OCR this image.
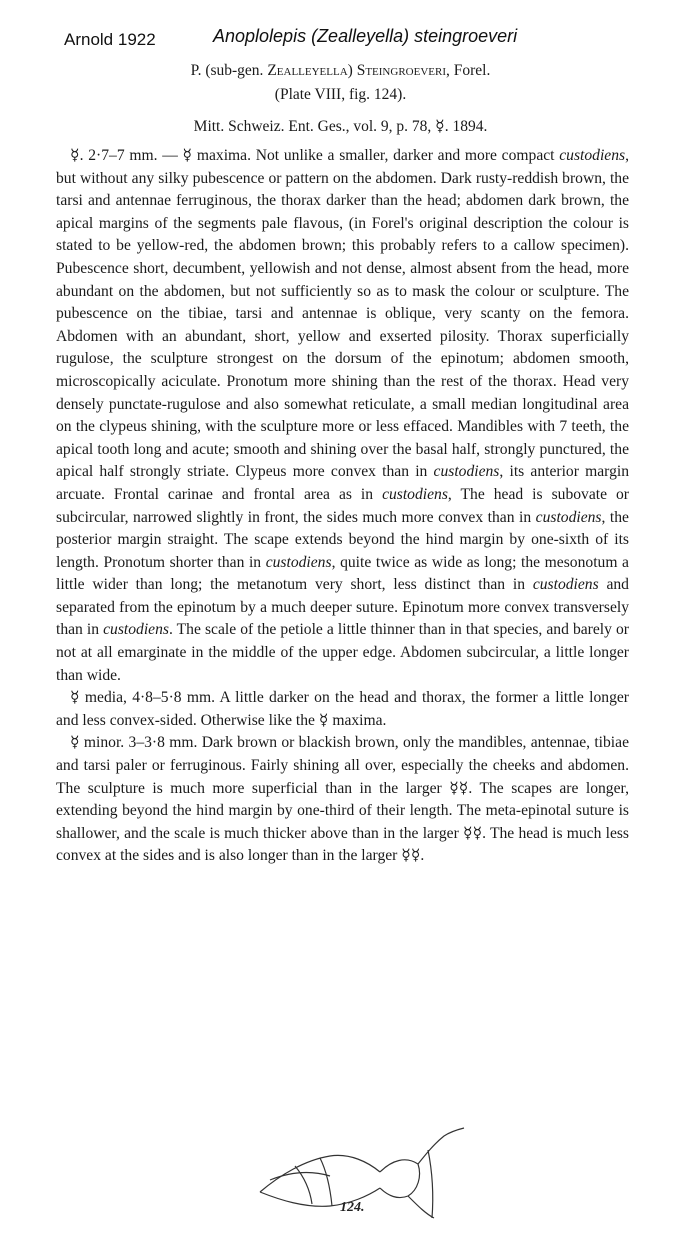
Arnold 1922	Anoplolepis (Zealleyella) steingroeveri
P. (sub-gen. Zealleyella) Steingroeveri, Forel.
(Plate VIII, fig. 124).
Mitt. Schweiz. Ent. Ges., vol. 9, p. 78, ☿. 1894.

☿. 2·7–7 mm. — ☿ maxima. Not unlike a smaller, darker and more compact custodiens, but without any silky pubescence or pattern on the abdomen. Dark rusty-reddish brown, the tarsi and antennae ferruginous, the thorax darker than the head; abdomen dark brown, the apical margins of the segments pale flavous, (in Forel's original description the colour is stated to be yellow-red, the abdomen brown; this probably refers to a callow specimen). Pubescence short, decumbent, yellowish and not dense, almost absent from the head, more abundant on the abdomen, but not sufficiently so as to mask the colour or sculpture. The pubescence on the tibiae, tarsi and antennae is oblique, very scanty on the femora. Abdomen with an abundant, short, yellow and exserted pilosity. Thorax superficially rugulose, the sculpture strongest on the dorsum of the epinotum; abdomen smooth, microscopically aciculate. Pronotum more shining than the rest of the thorax. Head very densely punctate-rugulose and also somewhat reticulate, a small median longitudinal area on the clypeus shining, with the sculpture more or less effaced. Mandibles with 7 teeth, the apical tooth long and acute; smooth and shining over the basal half, strongly punctured, the apical half strongly striate. Clypeus more convex than in custodiens, its anterior margin arcuate. Frontal carinae and frontal area as in custodiens, The head is subovate or subcircular, narrowed slightly in front, the sides much more convex than in custodiens, the posterior margin straight. The scape extends beyond the hind margin by one-sixth of its length. Pronotum shorter than in custodiens, quite twice as wide as long; the mesonotum a little wider than long; the metanotum very short, less distinct than in custodiens and separated from the epinotum by a much deeper suture. Epinotum more convex transversely than in custodiens. The scale of the petiole a little thinner than in that species, and barely or not at all emarginate in the middle of the upper edge. Abdomen subcircular, a little longer than wide.

☿ media, 4·8–5·8 mm. A little darker on the head and thorax, the former a little longer and less convex-sided. Otherwise like the ☿ maxima.

☿ minor. 3–3·8 mm. Dark brown or blackish brown, only the mandibles, antennae, tibiae and tarsi paler or ferruginous. Fairly shining all over, especially the cheeks and abdomen. The sculpture is much more superficial than in the larger ☿☿. The scapes are longer, extending beyond the hind margin by one-third of their length. The meta-epinotal suture is shallower, and the scale is much thicker above than in the larger ☿☿. The head is much less convex at the sides and is also longer than in the larger ☿☿.

124.
